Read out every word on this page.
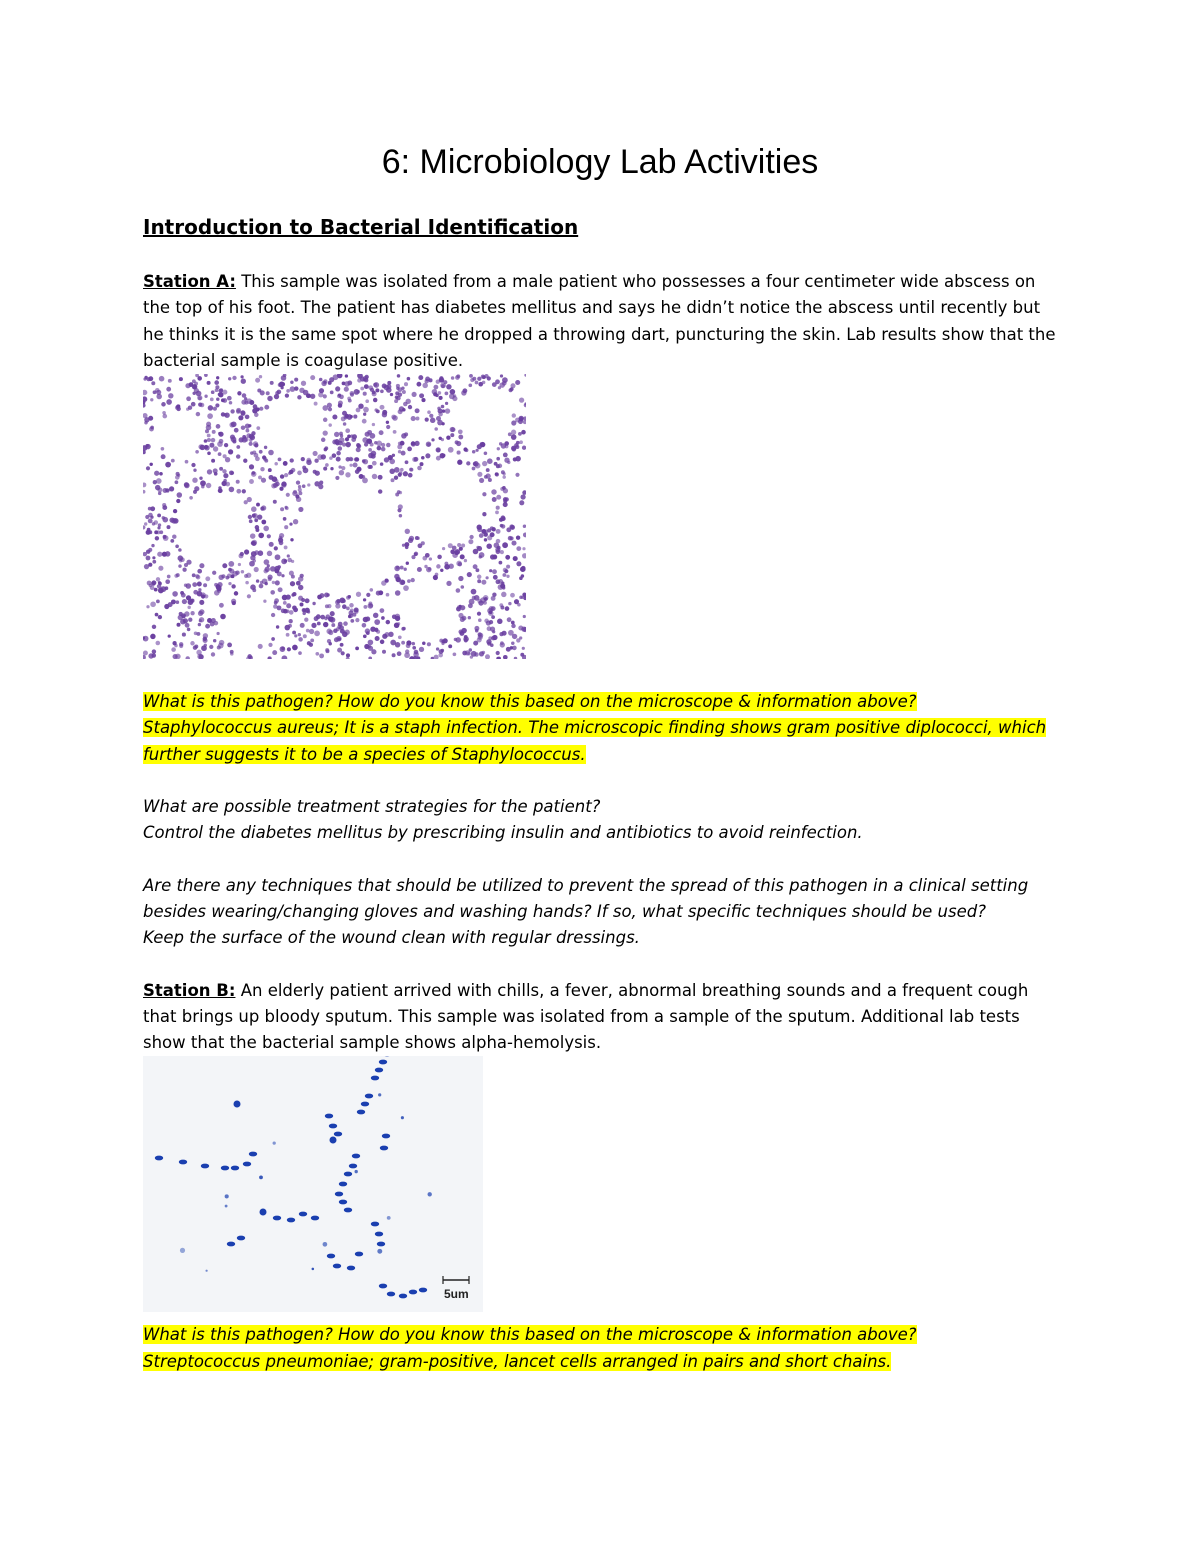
6: Microbiology Lab Activities
Introduction to Bacterial Identification

Station A: This sample was isolated from a male patient who possesses a four centimeter wide abscess on the top of his foot. The patient has diabetes mellitus and says he didn’t notice the abscess until recently but he thinks it is the same spot where he dropped a throwing dart, puncturing the skin. Lab results show that the bacterial sample is coagulase positive.

What is this pathogen? How do you know this based on the microscope & information above?

Staphylococcus aureus; It is a staph infection. The microscopic finding shows gram positive diplococci, which further suggests it to be a species of Staphylococcus.

What are possible treatment strategies for the patient?

Control the diabetes mellitus by prescribing insulin and antibiotics to avoid reinfection.

Are there any techniques that should be utilized to prevent the spread of this pathogen in a clinical setting besides wearing/changing gloves and washing hands? If so, what specific techniques should be used?

Keep the surface of the wound clean with regular dressings.

Station B: An elderly patient arrived with chills, a fever, abnormal breathing sounds and a frequent cough that brings up bloody sputum. This sample was isolated from a sample of the sputum. Additional lab tests show that the bacterial sample shows alpha-hemolysis.

5um

What is this pathogen? How do you know this based on the microscope & information above?

Streptococcus pneumoniae; gram-positive, lancet cells arranged in pairs and short chains.
